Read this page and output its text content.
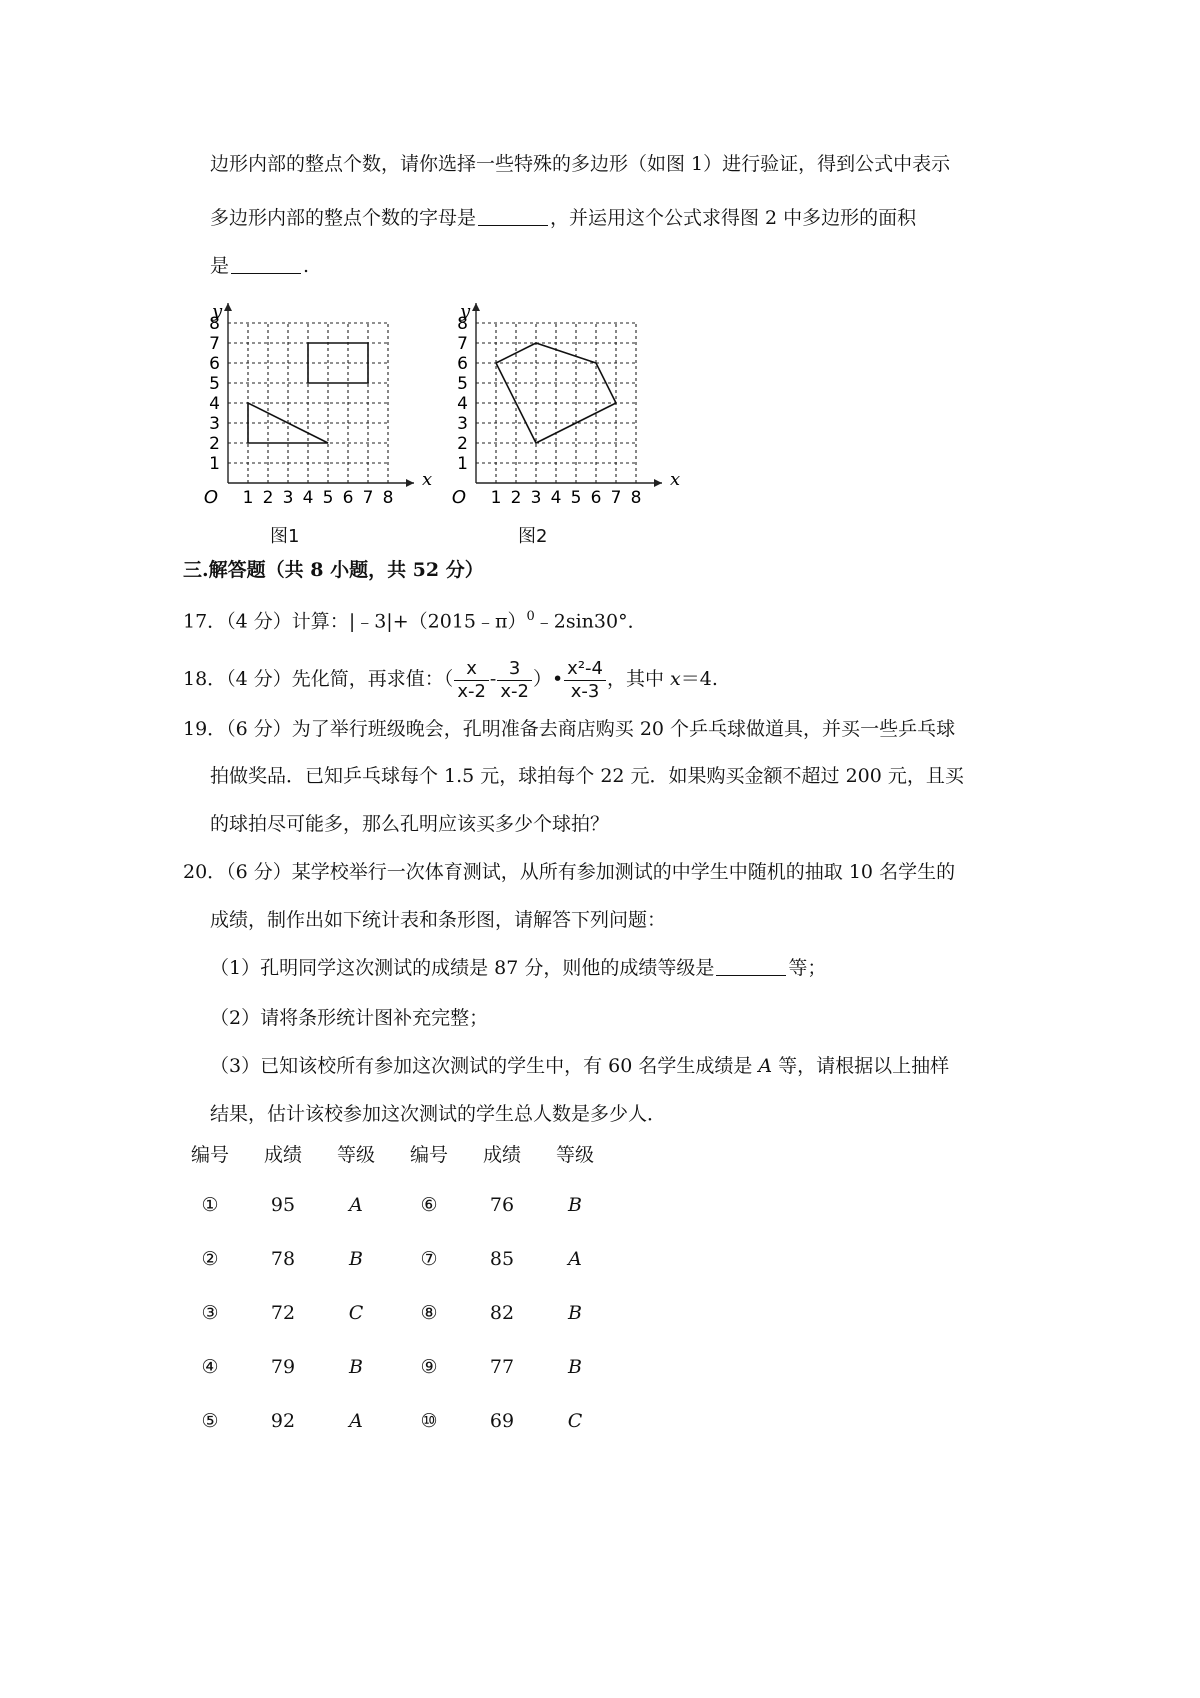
边形内部的整点个数，请你选择一些特殊的多边形（如图 1）进行验证，得到公式中表示
多边形内部的整点个数的字母是	，并运用这个公式求得图 2 中多边形的面积
是	.
1 2 3 4 5 6 7 8
1
2
3
4
5
6
7
8
O
x
y
图1
1 2 3 4 5 6 7 8
1
2
3
4
5
6
7
8
O
x
y
图2
三.解答题（共 8 小题，共 52 分）
17．（4 分）计算：|﹣3|+（2015﹣π）$^0$﹣2sin30°．
18．（4 分）先化简，再求值：（ $\frac{x}{x-2} - \frac{3}{x-2}$ ）• $\frac{\text{x²-4}}{x-3}$ ，其中 x＝4.
19．（6 分）为了举行班级晚会，孔明准备去商店购买 20 个乒乓球做道具，并买一些乒乓球
拍做奖品．已知乒乓球每个 1.5 元，球拍每个 22 元．如果购买金额不超过 200 元，且买
的球拍尽可能多，那么孔明应该买多少个球拍？
20．（6 分）某学校举行一次体育测试，从所有参加测试的中学生中随机的抽取 10 名学生的
成绩，制作出如下统计表和条形图，请解答下列问题：
（1）孔明同学这次测试的成绩是 87 分，则他的成绩等级是	等；
（2）请将条形统计图补充完整；
（3）已知该校所有参加这次测试的学生中，有 60 名学生成绩是 A 等，请根据以上抽样
结果，估计该校参加这次测试的学生总人数是多少人．
编号	成绩	等级	编号	成绩	等级
①	95	A	⑥	76	B
②	78	B	⑦	85	A
③	72	C	⑧	82	B
④	79	B	⑨	77	B
⑤	92	A	⑩	69	C
